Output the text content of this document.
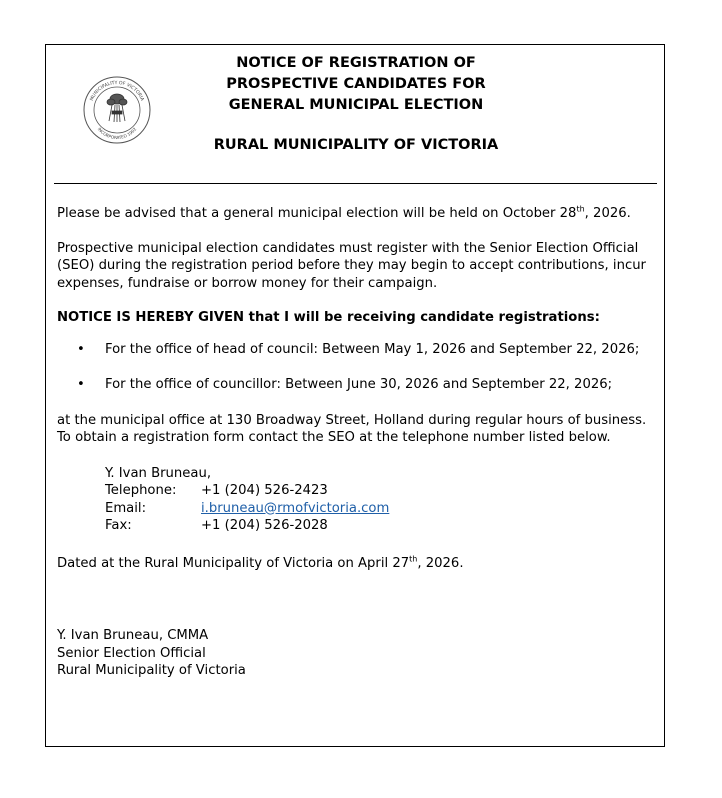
MUNICIPALITY OF VICTORIA
INCORPORATED 1902
NOTICE OF REGISTRATION OF
PROSPECTIVE CANDIDATES FOR
GENERAL MUNICIPAL ELECTION
RURAL MUNICIPALITY OF VICTORIA

Please be advised that a general municipal election will be held on October 28th, 2026.

Prospective municipal election candidates must register with the Senior Election Official (SEO) during the registration period before they may begin to accept contributions, incur expenses, fundraise or borrow money for their campaign.

NOTICE IS HEREBY GIVEN that I will be receiving candidate registrations:

• For the office of head of council: Between May 1, 2026 and September 22, 2026;
• For the office of councillor: Between June 30, 2026 and September 22, 2026;

at the municipal office at 130 Broadway Street, Holland during regular hours of business. To obtain a registration form contact the SEO at the telephone number listed below.

Y. Ivan Bruneau,
Telephone:	+1 (204) 526-2423
Email:	i.bruneau@rmofvictoria.com
Fax:	+1 (204) 526-2028

Dated at the Rural Municipality of Victoria on April 27th, 2026.

Y. Ivan Bruneau, CMMA
Senior Election Official
Rural Municipality of Victoria
